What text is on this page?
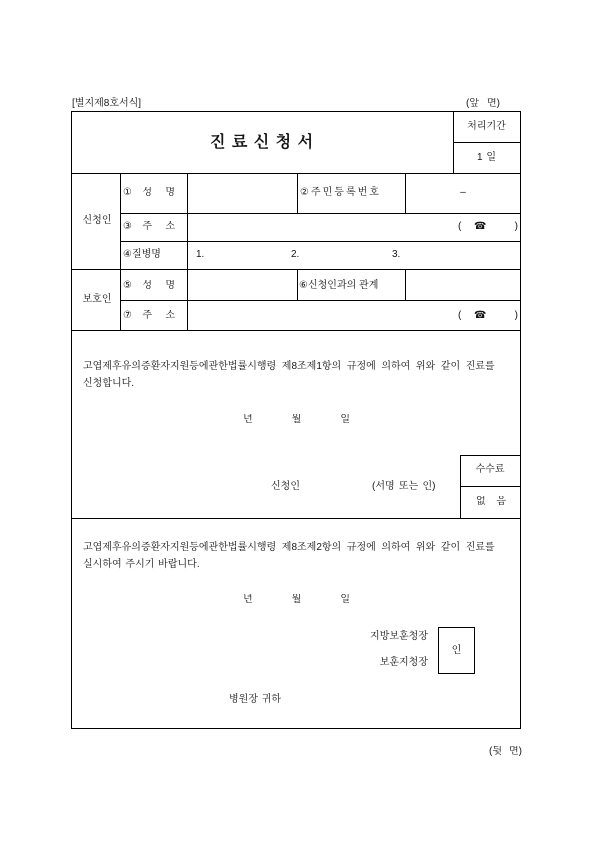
[별지제8호서식]	(앞 면)
진 료 신 청 서
처리기간
1 일
신청인
①성 명	②주민등록번호	–
③주 소	(☎ )
④질병명	1.	2.	3.
보호인
⑤성 명	⑥신청인과의 관계
⑦주 소	(☎ )
고엽제후유의증환자지원등에관한법률시행령 제8조제1항의 규정에 의하여 위와 같이 진료를
신청합니다.
년 월 일
신청인	(서명 또는 인)
수수료
없 음
고엽제후유의증환자지원등에관한법률시행령 제8조제2항의 규정에 의하여 위와 같이 진료를
실시하여 주시기 바랍니다.
년 월 일
지방보훈청장
보훈지청장
인
병원장 귀하
(뒷 면)
